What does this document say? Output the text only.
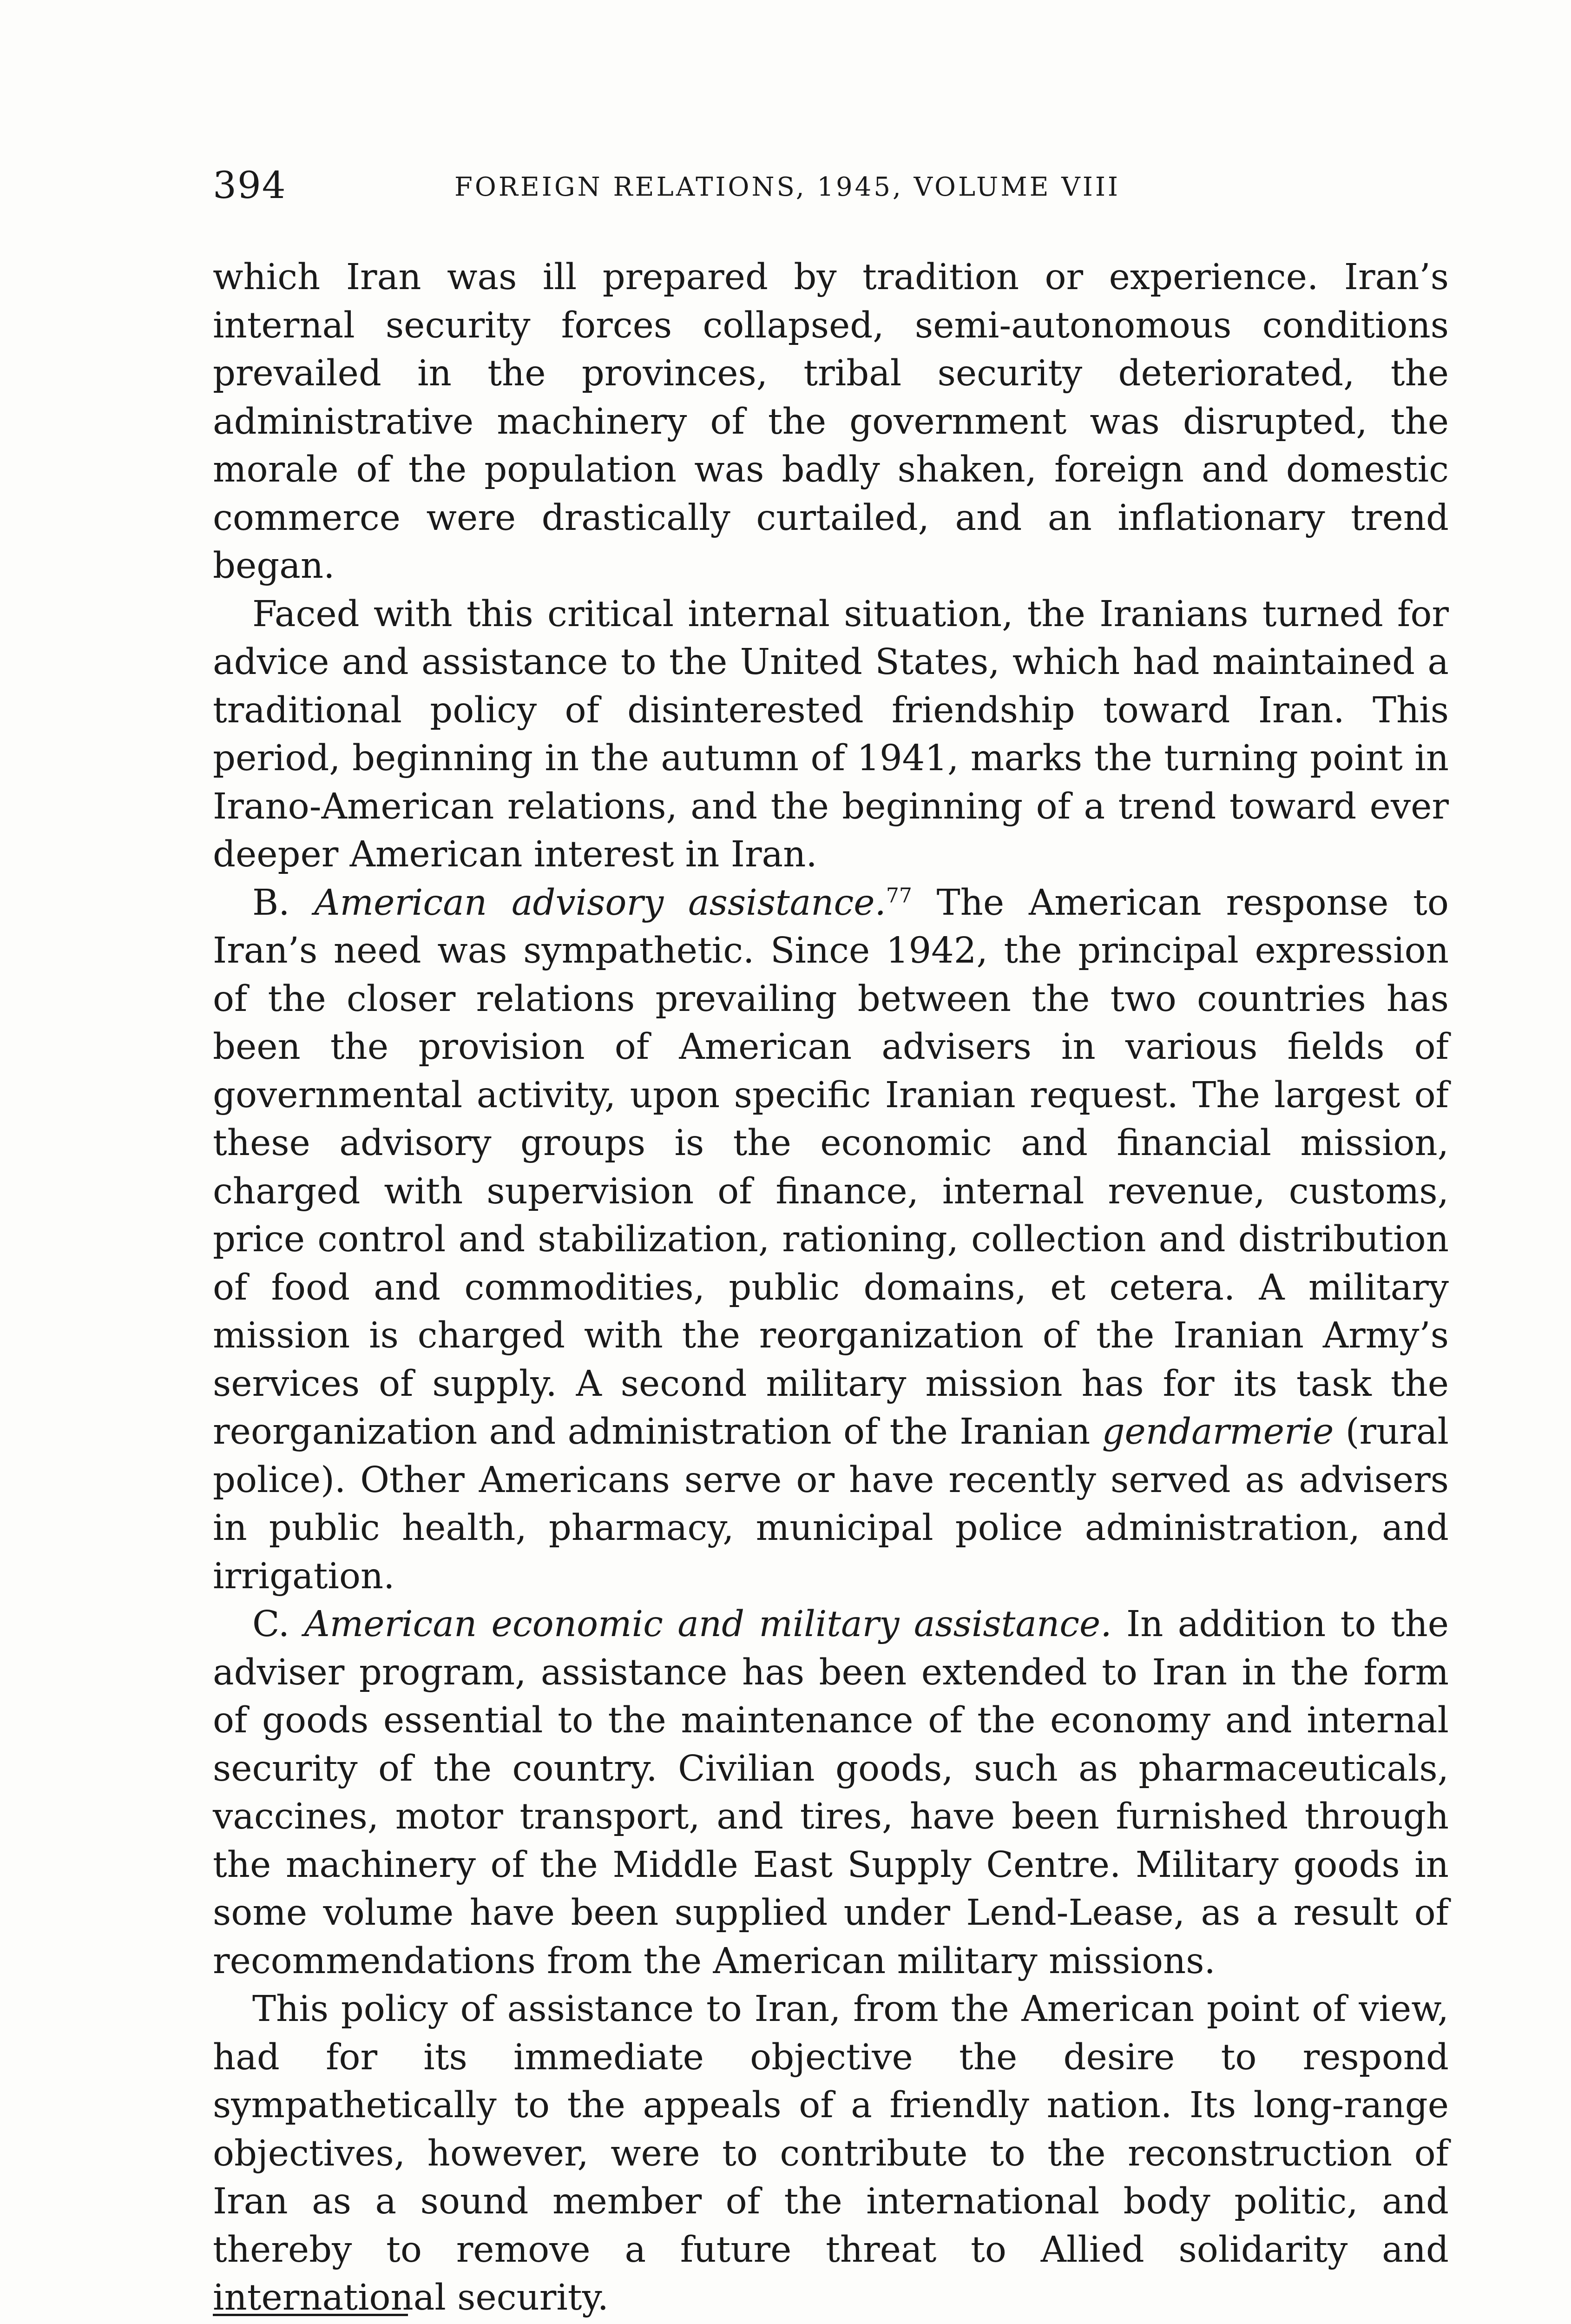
394	FOREIGN RELATIONS, 1945, VOLUME VIII

which Iran was ill prepared by tradition or experience. Iran’s internal security forces collapsed, semi-autonomous conditions prevailed in the provinces, tribal security deteriorated, the administrative machinery of the government was disrupted, the morale of the population was badly shaken, foreign and domestic commerce were drastically curtailed, and an inflationary trend began.

Faced with this critical internal situation, the Iranians turned for advice and assistance to the United States, which had maintained a traditional policy of disinterested friendship toward Iran. This period, beginning in the autumn of 1941, marks the turning point in Irano-American relations, and the beginning of a trend toward ever deeper American interest in Iran.

B. American advisory assistance.$^{77}$ The American response to Iran’s need was sympathetic. Since 1942, the principal expression of the closer relations prevailing between the two countries has been the provision of American advisers in various fields of governmental activity, upon specific Iranian request. The largest of these advisory groups is the economic and financial mission, charged with supervision of finance, internal revenue, customs, price control and stabilization, rationing, collection and distribution of food and commodities, public domains, et cetera. A military mission is charged with the reorganization of the Iranian Army’s services of supply. A second military mission has for its task the reorganization and administration of the Iranian gendarmerie (rural police). Other Americans serve or have recently served as advisers in public health, pharmacy, municipal police administration, and irrigation.

C. American economic and military assistance. In addition to the adviser program, assistance has been extended to Iran in the form of goods essential to the maintenance of the economy and internal security of the country. Civilian goods, such as pharmaceuticals, vaccines, motor transport, and tires, have been furnished through the machinery of the Middle East Supply Centre. Military goods in some volume have been supplied under Lend-Lease, as a result of recommendations from the American military missions.

This policy of assistance to Iran, from the American point of view, had for its immediate objective the desire to respond sympathetically to the appeals of a friendly nation. Its long-range objectives, however, were to contribute to the reconstruction of Iran as a sound member of the international body politic, and thereby to remove a future threat to Allied solidarity and international security.
